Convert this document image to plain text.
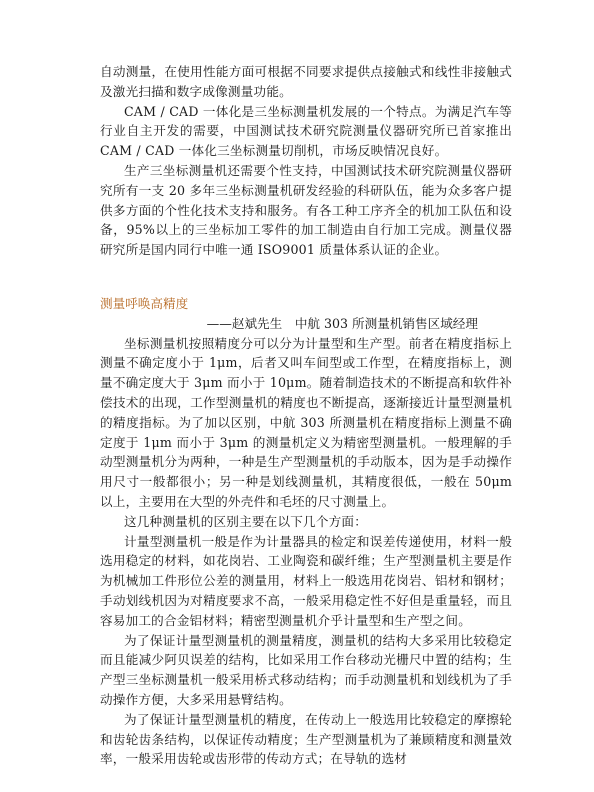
自动测量，在使用性能方面可根据不同要求提供点接触式和线性非接触式及激光扫描和数字成像测量功能。

CAM / CAD 一体化是三坐标测量机发展的一个特点。为满足汽车等行业自主开发的需要，中国测试技术研究院测量仪器研究所已首家推出 CAM / CAD 一体化三坐标测量切削机，市场反映情况良好。

生产三坐标测量机还需要个性支持，中国测试技术研究院测量仪器研究所有一支 20 多年三坐标测量机研发经验的科研队伍，能为众多客户提供多方面的个性化技术支持和服务。有各工种工序齐全的机加工队伍和设备，95%以上的三坐标加工零件的加工制造由自行加工完成。测量仪器研究所是国内同行中唯一通 ISO9001 质量体系认证的企业。

测量呼唤高精度

——赵斌先生　中航 303 所测量机销售区域经理

坐标测量机按照精度分可以分为计量型和生产型。前者在精度指标上测量不确定度小于 1μm，后者又叫车间型或工作型，在精度指标上，测量不确定度大于 3μm 而小于 10μm。随着制造技术的不断提高和软件补偿技术的出现，工作型测量机的精度也不断提高，逐渐接近计量型测量机的精度指标。为了加以区别，中航 303 所测量机在精度指标上测量不确定度于 1μm 而小于 3μm 的测量机定义为精密型测量机。一般理解的手动型测量机分为两种，一种是生产型测量机的手动版本，因为是手动操作用尺寸一般都很小；另一种是划线测量机，其精度很低，一般在 50μm 以上，主要用在大型的外壳件和毛坯的尺寸测量上。

这几种测量机的区别主要在以下几个方面：

计量型测量机一般是作为计量器具的检定和误差传递使用，材料一般选用稳定的材料，如花岗岩、工业陶瓷和碳纤维；生产型测量机主要是作为机械加工件形位公差的测量用，材料上一般选用花岗岩、铝材和钢材；手动划线机因为对精度要求不高，一般采用稳定性不好但是重量轻，而且容易加工的合金铝材料；精密型测量机介乎计量型和生产型之间。

为了保证计量型测量机的测量精度，测量机的结构大多采用比较稳定而且能减少阿贝误差的结构，比如采用工作台移动光栅尺中置的结构；生产型三坐标测量机一般采用桥式移动结构；而手动测量机和划线机为了手动操作方便，大多采用悬臂结构。

为了保证计量型测量机的精度，在传动上一般选用比较稳定的摩擦轮和齿轮齿条结构，以保证传动精度；生产型测量机为了兼顾精度和测量效率，一般采用齿轮或齿形带的传动方式；在导轨的选材
